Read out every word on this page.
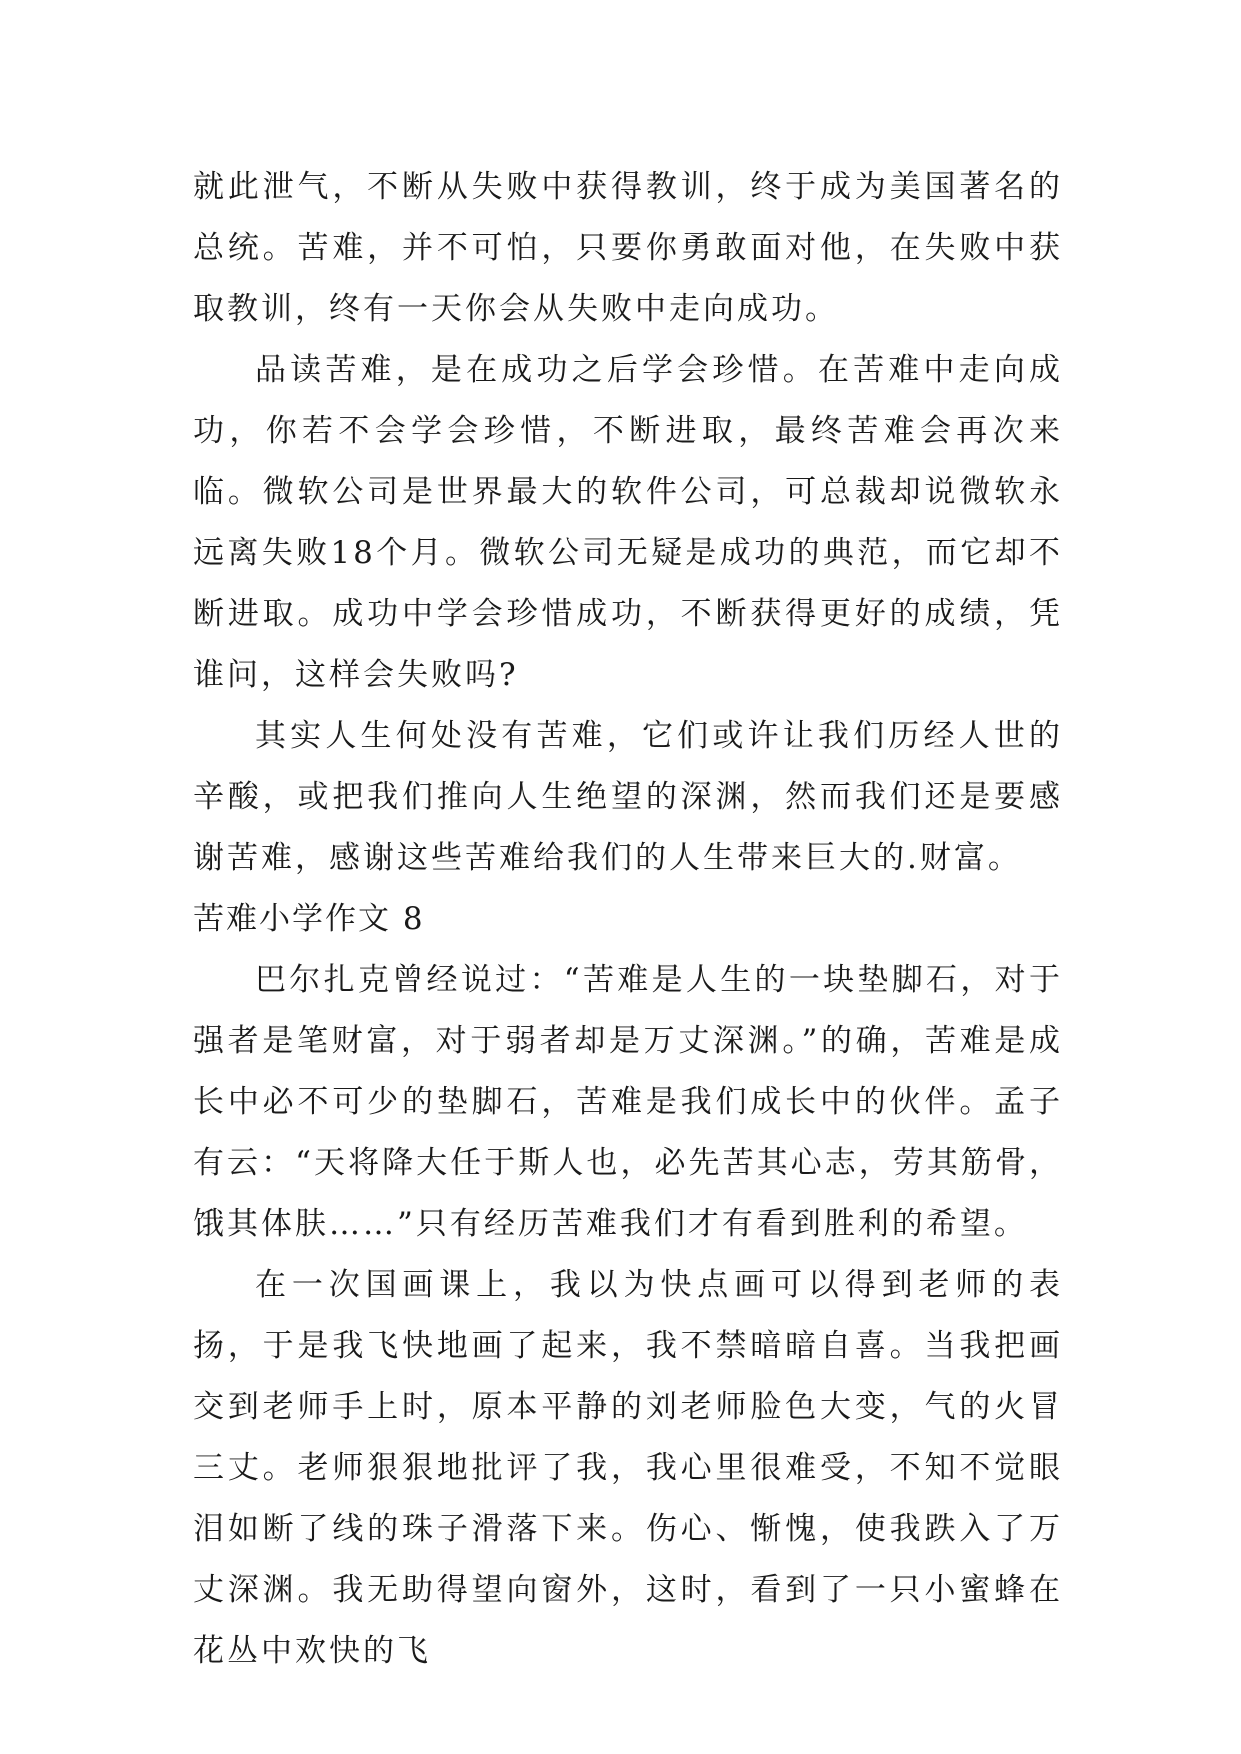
就此泄气，不断从失败中获得教训，终于成为美国著名的总统。苦难，并不可怕，只要你勇敢面对他，在失败中获取教训，终有一天你会从失败中走向成功。

品读苦难，是在成功之后学会珍惜。在苦难中走向成功，你若不会学会珍惜，不断进取，最终苦难会再次来临。微软公司是世界最大的软件公司，可总裁却说微软永远离失败18个月。微软公司无疑是成功的典范，而它却不断进取。成功中学会珍惜成功，不断获得更好的成绩，凭谁问，这样会失败吗?

其实人生何处没有苦难，它们或许让我们历经人世的辛酸，或把我们推向人生绝望的深渊，然而我们还是要感谢苦难，感谢这些苦难给我们的人生带来巨大的.财富。

苦难小学作文 8

巴尔扎克曾经说过：“苦难是人生的一块垫脚石，对于强者是笔财富，对于弱者却是万丈深渊。”的确，苦难是成长中必不可少的垫脚石，苦难是我们成长中的伙伴。孟子有云：“天将降大任于斯人也，必先苦其心志，劳其筋骨，饿其体肤……”只有经历苦难我们才有看到胜利的希望。

在一次国画课上，我以为快点画可以得到老师的表扬，于是我飞快地画了起来，我不禁暗暗自喜。当我把画交到老师手上时，原本平静的刘老师脸色大变，气的火冒三丈。老师狠狠地批评了我，我心里很难受，不知不觉眼泪如断了线的珠子滑落下来。伤心、惭愧，使我跌入了万丈深渊。我无助得望向窗外，这时，看到了一只小蜜蜂在花丛中欢快的飞
